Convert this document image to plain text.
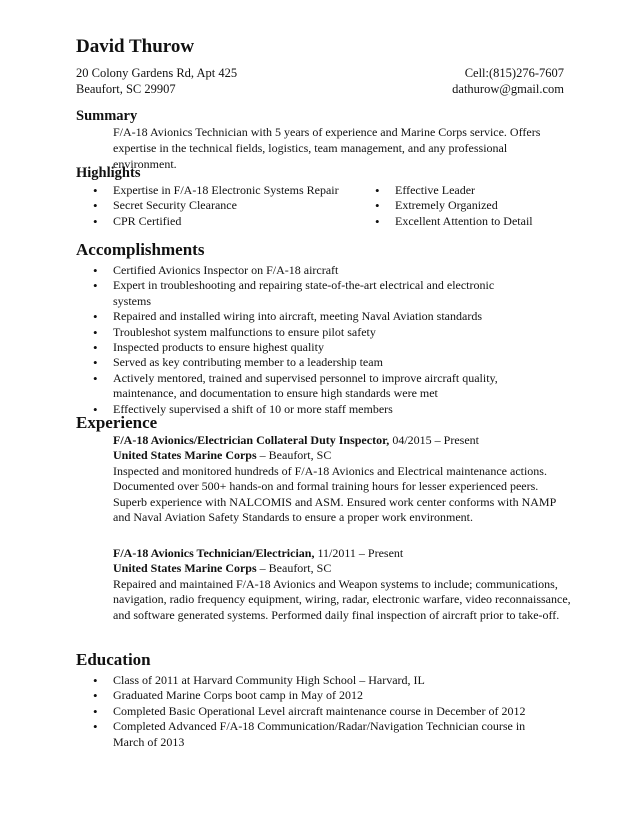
David Thurow
20 Colony Gardens Rd, Apt 425	Cell:(815)276-7607
Beaufort, SC 29907	dathurow@gmail.com
Summary
F/A-18 Avionics Technician with 5 years of experience and Marine Corps service. Offers expertise in the technical fields, logistics, team management, and any professional environment.
Highlights
• Expertise in F/A-18 Electronic Systems Repair
• Secret Security Clearance
• CPR Certified
• Effective Leader
• Extremely Organized
• Excellent Attention to Detail
Accomplishments
• Certified Avionics Inspector on F/A-18 aircraft
• Expert in troubleshooting and repairing state-of-the-art electrical and electronic systems
• Repaired and installed wiring into aircraft, meeting Naval Aviation standards
• Troubleshot system malfunctions to ensure pilot safety
• Inspected products to ensure highest quality
• Served as key contributing member to a leadership team
• Actively mentored, trained and supervised personnel to improve aircraft quality, maintenance, and documentation to ensure high standards were met
• Effectively supervised a shift of 10 or more staff members
Experience
F/A-18 Avionics/Electrician Collateral Duty Inspector, 04/2015 – Present
United States Marine Corps – Beaufort, SC
Inspected and monitored hundreds of F/A-18 Avionics and Electrical maintenance actions. Documented over 500+ hands-on and formal training hours for lesser experienced peers. Superb experience with NALCOMIS and ASM. Ensured work center conforms with NAMP and Naval Aviation Safety Standards to ensure a proper work environment.
F/A-18 Avionics Technician/Electrician, 11/2011 – Present
United States Marine Corps – Beaufort, SC
Repaired and maintained F/A-18 Avionics and Weapon systems to include; communications, navigation, radio frequency equipment, wiring, radar, electronic warfare, video reconnaissance, and software generated systems. Performed daily final inspection of aircraft prior to take-off.
Education
• Class of 2011 at Harvard Community High School – Harvard, IL
• Graduated Marine Corps boot camp in May of 2012
• Completed Basic Operational Level aircraft maintenance course in December of 2012
• Completed Advanced F/A-18 Communication/Radar/Navigation Technician course in March of 2013
